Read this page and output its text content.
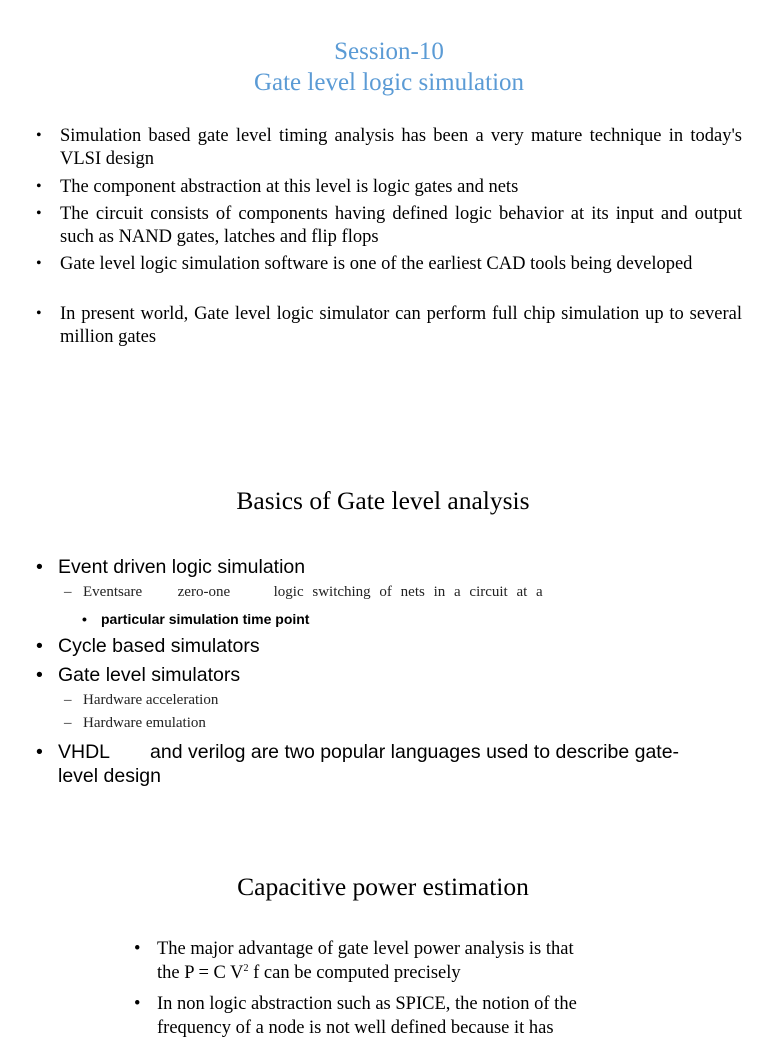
Session-10
Gate level logic simulation
• Simulation based gate level timing analysis has been a very mature technique in today's VLSI design
• The component abstraction at this level is logic gates and nets
• The circuit consists of components having defined logic behavior at its input and output such as NAND gates, latches and flip flops
• Gate level logic simulation software is one of the earliest CAD tools being developed
• In present world, Gate level logic simulator can perform full chip simulation up to several million gates
Basics of Gate level analysis
• Event driven logic simulation
– Eventsare zero-one	logic switching of nets in a circuit at a
• particular simulation time point
• Cycle based simulators
• Gate level simulators
– Hardware acceleration
– Hardware emulation
• VHDL and verilog are two popular languages used to describe gate-
level design
Capacitive power estimation
• The major advantage of gate level power analysis is that
the P = C $V^2$ f can be computed precisely
• In non logic abstraction such as SPICE, the notion of the
frequency of a node is not well defined because it has
